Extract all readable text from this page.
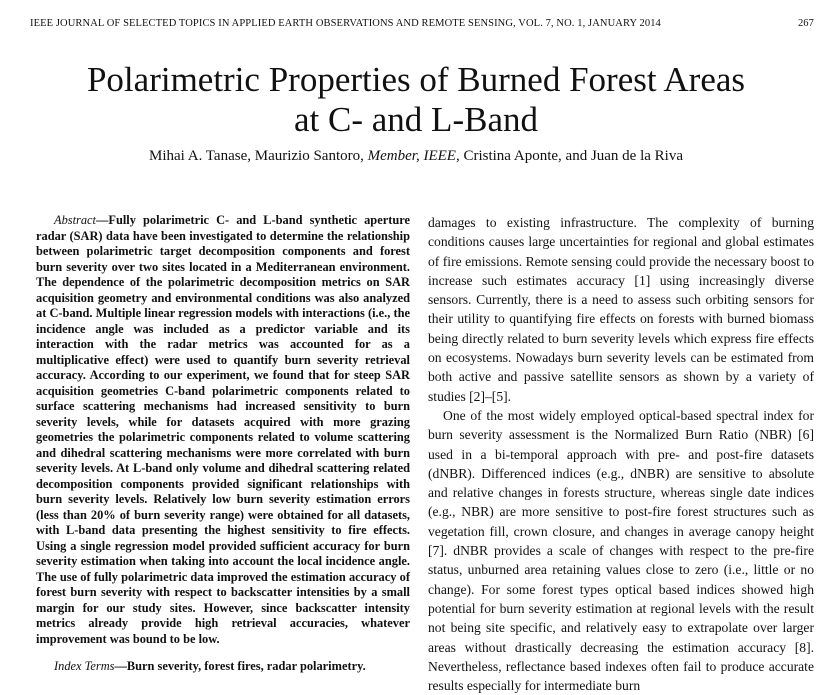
IEEE JOURNAL OF SELECTED TOPICS IN APPLIED EARTH OBSERVATIONS AND REMOTE SENSING, VOL. 7, NO. 1, JANUARY 2014	267
Polarimetric Properties of Burned Forest Areas
at C- and L-Band
Mihai A. Tanase, Maurizio Santoro, Member, IEEE, Cristina Aponte, and Juan de la Riva

Abstract—Fully polarimetric C- and L-band synthetic aperture radar (SAR) data have been investigated to determine the relationship between polarimetric target decomposition components and forest burn severity over two sites located in a Mediterranean environment. The dependence of the polarimetric decomposition metrics on SAR acquisition geometry and environmental conditions was also analyzed at C-band. Multiple linear regression models with interactions (i.e., the incidence angle was included as a predictor variable and its interaction with the radar metrics was accounted for as a multiplicative effect) were used to quantify burn severity retrieval accuracy. According to our experiment, we found that for steep SAR acquisition geometries C-band polarimetric components related to surface scattering mechanisms had increased sensitivity to burn severity levels, while for datasets acquired with more grazing geometries the polarimetric components related to volume scattering and dihedral scattering mechanisms were more correlated with burn severity levels. At L-band only volume and dihedral scattering related decomposition components provided significant relationships with burn severity levels. Relatively low burn severity estimation errors (less than 20% of burn severity range) were obtained for all datasets, with L-band data presenting the highest sensitivity to fire effects. Using a single regression model provided sufficient accuracy for burn severity estimation when taking into account the local incidence angle. The use of fully polarimetric data improved the estimation accuracy of forest burn severity with respect to backscatter intensities by a small margin for our study sites. However, since backscatter intensity metrics already provide high retrieval accuracies, whatever improvement was bound to be low.

Index Terms—Burn severity, forest fires, radar polarimetry.

damages to existing infrastructure. The complexity of burning conditions causes large uncertainties for regional and global estimates of fire emissions. Remote sensing could provide the necessary boost to increase such estimates accuracy [1] using increasingly diverse sensors. Currently, there is a need to assess such orbiting sensors for their utility to quantifying fire effects on forests with burned biomass being directly related to burn severity levels which express fire effects on ecosystems. Nowadays burn severity levels can be estimated from both active and passive satellite sensors as shown by a variety of studies [2]–[5].

One of the most widely employed optical-based spectral index for burn severity assessment is the Normalized Burn Ratio (NBR) [6] used in a bi-temporal approach with pre- and post-fire datasets (dNBR). Differenced indices (e.g., dNBR) are sensitive to absolute and relative changes in forests structure, whereas single date indices (e.g., NBR) are more sensitive to post-fire forest structures such as vegetation fill, crown closure, and changes in average canopy height [7]. dNBR provides a scale of changes with respect to the pre-fire status, unburned area retaining values close to zero (i.e., little or no change). For some forest types optical based indices showed high potential for burn severity estimation at regional levels with the result not being site specific, and relatively easy to extrapolate over larger areas without drastically decreasing the estimation accuracy [8]. Nevertheless, reflectance based indexes often fail to produce accurate results especially for intermediate burn
